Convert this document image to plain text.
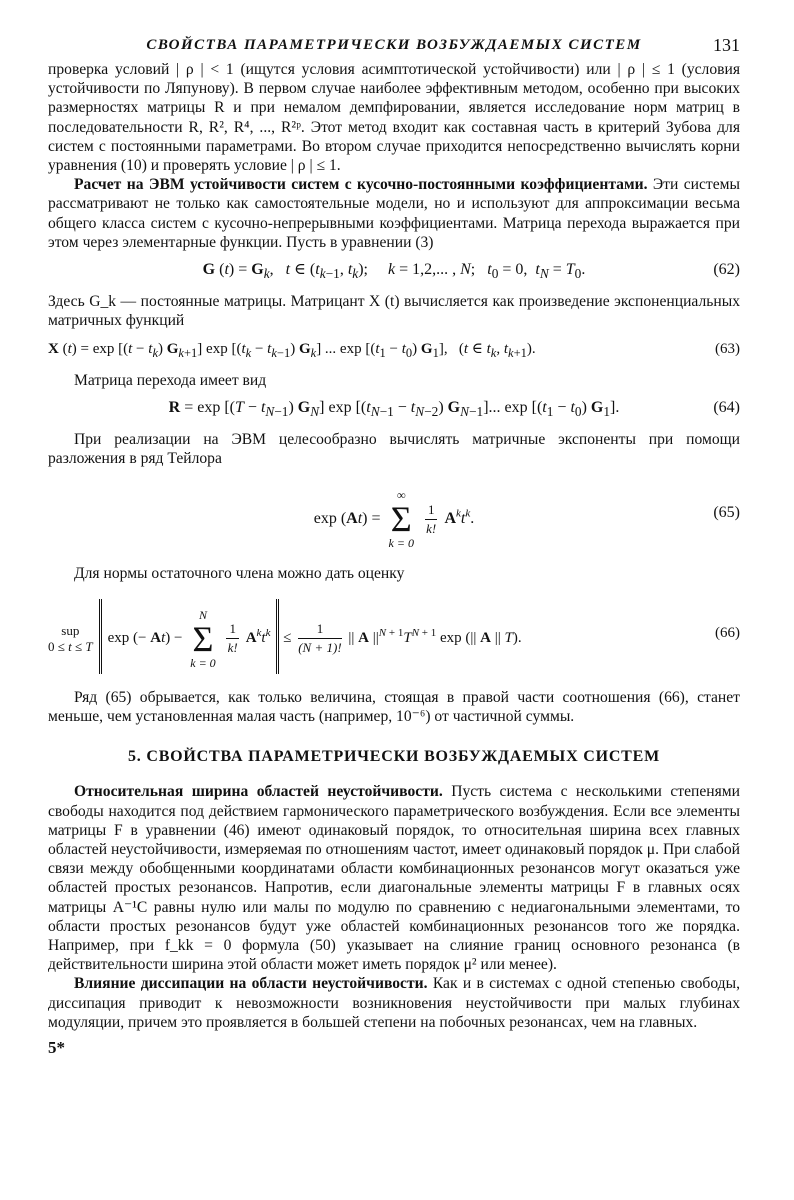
СВОЙСТВА ПАРАМЕТРИЧЕСКИ ВОЗБУЖДАЕМЫХ СИСТЕМ	131

проверка условий | ρ | < 1 (ищутся условия асимптотической устойчивости) или | ρ | ≤ 1 (условия устойчивости по Ляпунову). В первом случае наиболее эффективным методом, особенно при высоких размерностях матрицы R и при немалом демпфировании, является исследование норм матриц в последовательности R, R², R⁴, ..., R²ᵖ. Этот метод входит как составная часть в критерий Зубова для систем с постоянными параметрами. Во втором случае приходится непосредственно вычислять корни уравнения (10) и проверять условие | ρ | ≤ 1.

Расчет на ЭВМ устойчивости систем с кусочно-постоянными коэффициентами. Эти системы рассматривают не только как самостоятельные модели, но и используют для аппроксимации весьма общего класса систем с кусочно-непрерывными коэффициентами. Матрица перехода выражается при этом через элементарные функции. Пусть в уравнении (3)

G $(t) = G_k$,   t ∈ ($t_{k-1}$, $t_k$);     k = 1,2,... , N;   $t_0 = 0$,  $t_N = T_0$.	(62)

Здесь G_k — постоянные матрицы. Матрицант X (t) вычисляется как произведение экспоненциальных матричных функций

X $(t) = \exp [(t - t_k)$ $G_{k+1}$] $\exp [(t_k - t_{k-1})$ $G_k$] ... $\exp [(t_1 - t_0)$ $G_1$],   (t ∈ $t_k$, $t_{k+1}$).	(63)

Матрица перехода имеет вид

$R = \exp [(T - t_{N-1})$ $G_N$] $\exp [(t_{N-1} - t_{N-2})$ $G_{N-1}$]... $\exp [(t_1 - t_0)$ $G_1$].	(64)

При реализации на ЭВМ целесообразно вычислять матричные экспоненты при помощи разложения в ряд Тейлора

exp (At) =
∞
Σ
k = 0

$\frac{1}{k!} A^kt^k$.	(65)

Для нормы остаточного члена можно дать оценку

sup
0 ≤ t ≤ Texp (− At) −
N
Σ
k = 0

$\frac{1}{k!} A^kt^k \le \frac{1}{(N + 1)!}$ || A $||^{N + 1}T^{N + 1}$ exp (|| A || T).	(66)

Ряд (65) обрывается, как только величина, стоящая в правой части соотношения (66), станет меньше, чем установленная малая часть (например, 10⁻⁶) от частичной суммы.

5. СВОЙСТВА ПАРАМЕТРИЧЕСКИ ВОЗБУЖДАЕМЫХ СИСТЕМ

Относительная ширина областей неустойчивости. Пусть система с несколькими степенями свободы находится под действием гармонического параметрического возбуждения. Если все элементы матрицы F в уравнении (46) имеют одинаковый порядок, то относительная ширина всех главных областей неустойчивости, измеряемая по отношениям частот, имеет одинаковый порядок μ. При слабой связи между обобщенными координатами области комбинационных резонансов могут оказаться уже областей простых резонансов. Напротив, если диагональные элементы матрицы F в главных осях матрицы A⁻¹C равны нулю или малы по модулю по сравнению с недиагональными элементами, то области простых резонансов будут уже областей комбинационных резонансов того же порядка. Например, при f_kk = 0 формула (50) указывает на слияние границ основного резонанса (в действительности ширина этой области может иметь порядок μ² или менее).

Влияние диссипации на области неустойчивости. Как и в системах с одной степенью свободы, диссипация приводит к невозможности возникновения неустойчивости при малых глубинах модуляции, причем это проявляется в большей степени на побочных резонансах, чем на главных.

5*
